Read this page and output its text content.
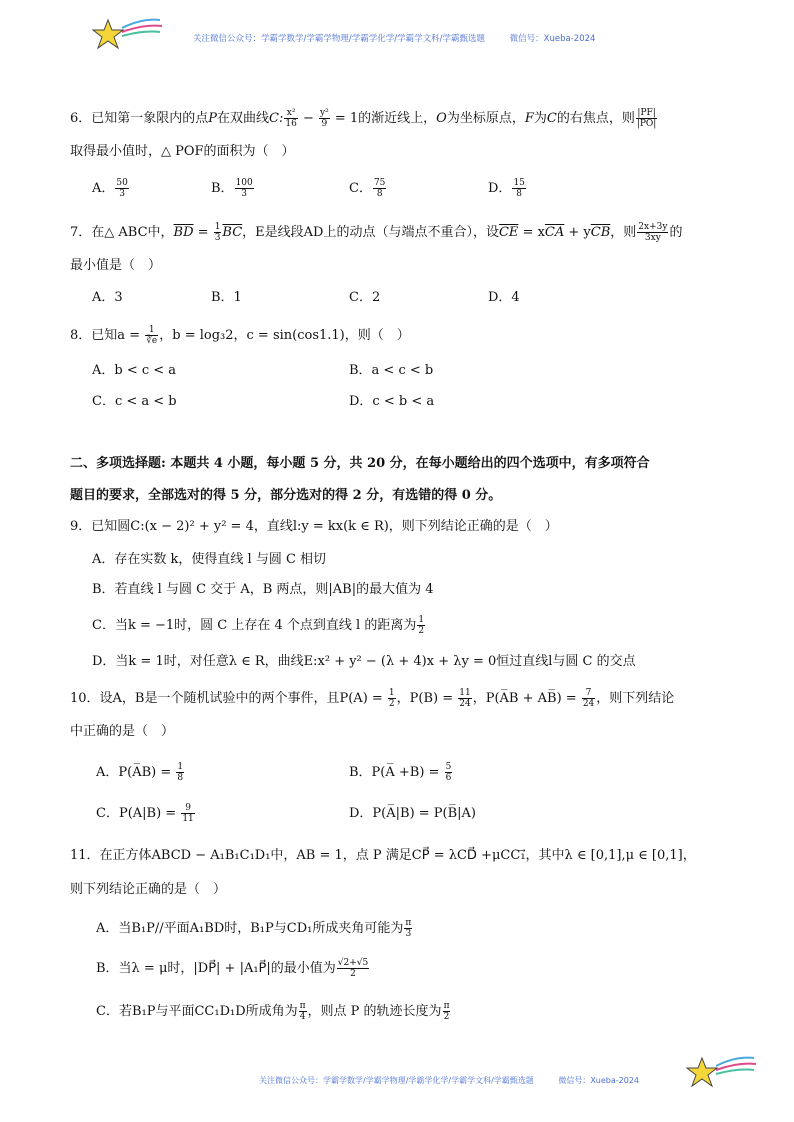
关注微信公众号：学霸学数学/学霸学物理/学霸学化学/学霸学文科/学霸甄选题	微信号：Xueba-2024
6．已知第一象限内的点P在双曲线C: $\frac{\text{x²}}{16} - \frac{\text{y²}}{9} = 1$的渐近线上，O为坐标原点，F为C的右焦点，则 $\frac{|PF|}{|PO|}$
取得最小值时，△ POF的面积为（　）
A． $\frac{50}{3}$	B． $\frac{100}{3}$	C． $\frac{75}{8}$	D． $\frac{15}{8}$
7．在△ ABC中，$\overline{BD} = \frac{1}{3} \overline{BC}$，E是线段AD上的动点（与端点不重合），设$\overline{CE} = x\overline{CA} + y\overline{CB}$，则 $\frac{2x+3y}{3xy}$ 的
最小值是（　）
A．3	B．1	C．2	D．4
8．已知$a = \frac{1}{∛e}$ ，b = log₃2，c = sin(cos1.1)，则（　）
A．b < c < a	B．a < c < b
C．c < a < b	D．c < b < a
二、多项选择题: 本题共 4 小题，每小题 5 分，共 20 分，在每小题给出的四个选项中，有多项符合
题目的要求，全部选对的得 5 分，部分选对的得 2 分，有选错的得 0 分。
9．已知圆C:(x − 2)² + y² = 4，直线l:y = kx(k ∈ R)，则下列结论正确的是（　）
A．存在实数 k，使得直线 l 与圆 C 相切
B．若直线 l 与圆 C 交于 A，B 两点，则|AB|的最大值为 4
C．当k = −1时，圆 C 上存在 4 个点到直线 l 的距离为 $\frac{1}{2}$
D．当k = 1时，对任意λ ∈ R，曲线E:x² + y² − (λ + 4)x + λy = 0恒过直线l与圆 C 的交点
10．设A，B是一个随机试验中的两个事件，且$P(A) = \frac{1}{2}$ ，$P(B) = \frac{11}{24}$ ，P(A̅B + AB̅) = $\frac{7}{24}$ ，则下列结论
中正确的是（　）
A．P(A̅B) = $\frac{1}{8}$	B．P(A̅ $+B) = \frac{5}{6}$
C．$P(A|B) = \frac{9}{11}$	D．P(A̅|B) = P(B̅|A)
11．在正方体ABCD − A₁B₁C₁D₁中，AB = 1，点 P 满足CP⃗ = λCD⃗ +μCC₁⃗，其中λ ∈ [0,1],μ ∈ [0,1]，
则下列结论正确的是（　）
A．当B₁P//平面A₁BD时，B₁P与CD₁所成夹角可能为 $\frac{\pi}{3}$
B．当λ = μ时，|DP⃗| + |A₁P⃗|的最小值为 $\frac{√2+√5}{2}$
C．若B₁P与平面CC₁D₁D所成角为 $\frac{\pi}{4}$ ，则点 P 的轨迹长度为 $\frac{\pi}{2}$
关注微信公众号：学霸学数学/学霸学物理/学霸学化学/学霸学文科/学霸甄选题	微信号：Xueba-2024
